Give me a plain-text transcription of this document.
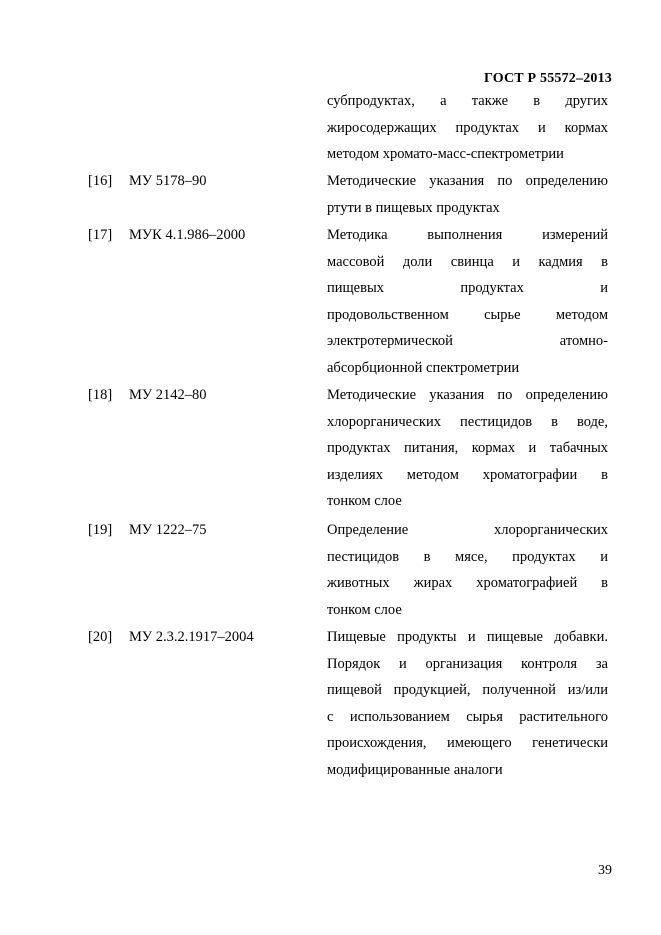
ГОСТ Р 55572–2013
субпродуктах, а также в других
жиросодержащих продуктах и кормах
методом хромато-масс-спектрометрии
[16] МУ 5178–90	Методические указания по определению
ртути в пищевых продуктах
[17] МУК 4.1.986–2000	Методика выполнения измерений
массовой доли свинца и кадмия в
пищевых продуктах и
продовольственном сырье методом
электротермической атомно-
абсорбционной спектрометрии
[18] МУ 2142–80	Методические указания по определению
хлорорганических пестицидов в воде,
продуктах питания, кормах и табачных
изделиях методом хроматографии в
тонком слое
[19] МУ 1222–75	Определение хлорорганических
пестицидов в мясе, продуктах и
животных жирах хроматографией в
тонком слое
[20] МУ 2.3.2.1917–2004	Пищевые продукты и пищевые добавки.
Порядок и организация контроля за
пищевой продукцией, полученной из/или
с использованием сырья растительного
происхождения, имеющего генетически
модифицированные аналоги
39
